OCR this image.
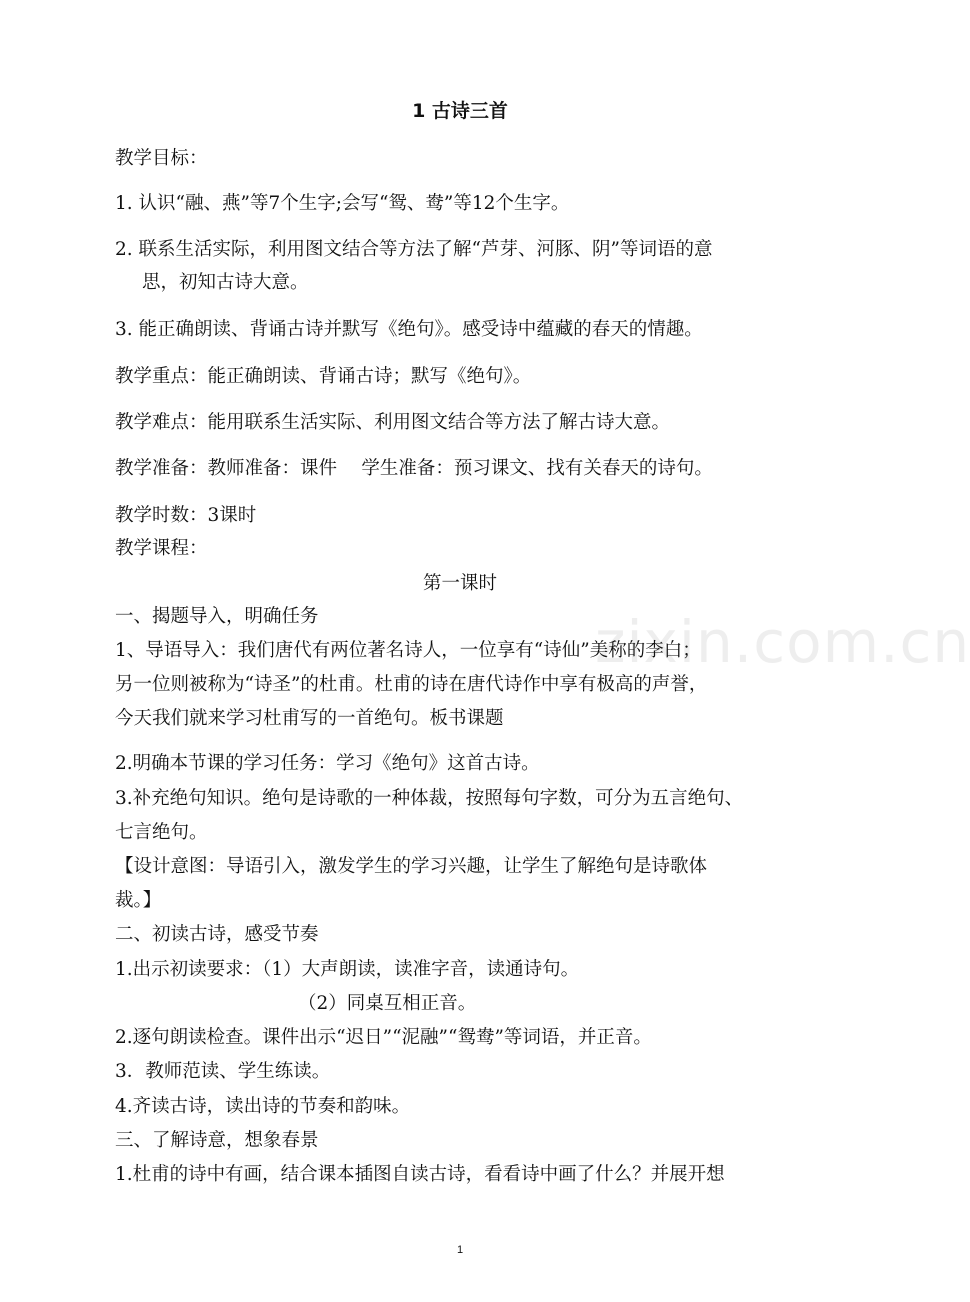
zixin.com.cn
1 古诗三首
教学目标：
1. 认识“融、燕”等7个生字;会写“鸳、鸯”等12个生字。
2. 联系生活实际，利用图文结合等方法了解“芦芽、河豚、阴”等词语的意
思，初知古诗大意。
3. 能正确朗读、背诵古诗并默写《绝句》。感受诗中蕴藏的春天的情趣。
教学重点：能正确朗读、背诵古诗；默写《绝句》。
教学难点：能用联系生活实际、利用图文结合等方法了解古诗大意。
教学准备：教师准备：课件　 学生准备：预习课文、找有关春天的诗句。
教学时数：3课时
教学课程：
第一课时
一、揭题导入，明确任务
1、导语导入：我们唐代有两位著名诗人，一位享有“诗仙”美称的李白；
另一位则被称为“诗圣”的杜甫。杜甫的诗在唐代诗作中享有极高的声誉，
今天我们就来学习杜甫写的一首绝句。板书课题
2.明确本节课的学习任务：学习《绝句》这首古诗。
3.补充绝句知识。绝句是诗歌的一种体裁，按照每句字数，可分为五言绝句、
七言绝句。
【设计意图：导语引入，激发学生的学习兴趣，让学生了解绝句是诗歌体
裁。】
二、初读古诗，感受节奏
1.出示初读要求：（1）大声朗读，读准字音，读通诗句。
（2）同桌互相正音。
2.逐句朗读检查。课件出示“迟日”“泥融”“鸳鸯”等词语，并正音。
3．教师范读、学生练读。
4.齐读古诗，读出诗的节奏和韵味。
三、了解诗意，想象春景
1.杜甫的诗中有画，结合课本插图自读古诗，看看诗中画了什么？并展开想
1
